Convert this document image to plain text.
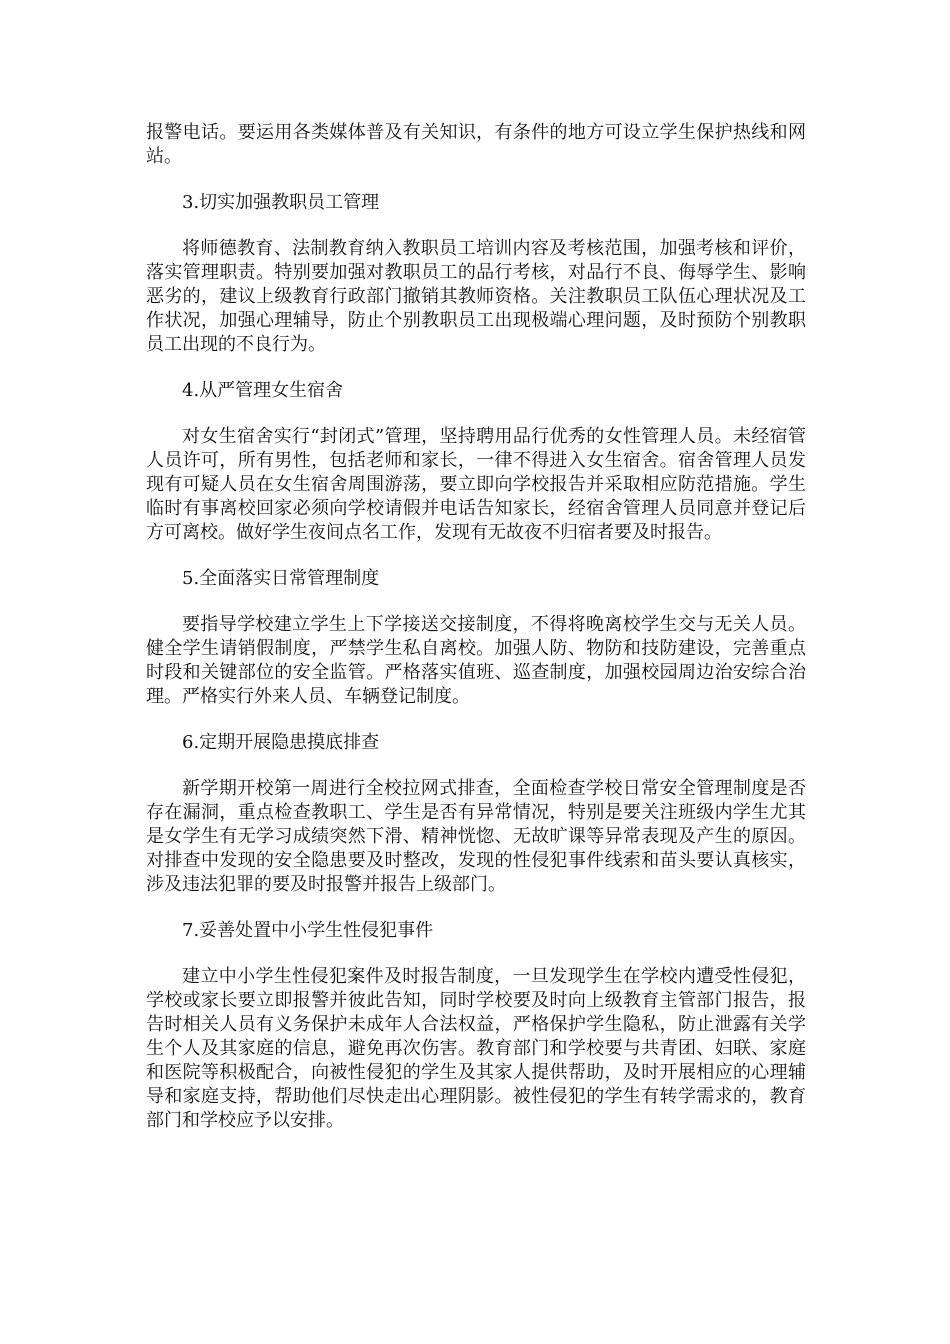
报警电话。要运用各类媒体普及有关知识，有条件的地方可设立学生保护热线和网站。

3.切实加强教职员工管理

将师德教育、法制教育纳入教职员工培训内容及考核范围，加强考核和评价，落实管理职责。特别要加强对教职员工的品行考核，对品行不良、侮辱学生、影响恶劣的，建议上级教育行政部门撤销其教师资格。关注教职员工队伍心理状况及工作状况，加强心理辅导，防止个别教职员工出现极端心理问题，及时预防个别教职员工出现的不良行为。

4.从严管理女生宿舍

对女生宿舍实行“封闭式”管理，坚持聘用品行优秀的女性管理人员。未经宿管人员许可，所有男性，包括老师和家长，一律不得进入女生宿舍。宿舍管理人员发现有可疑人员在女生宿舍周围游荡，要立即向学校报告并采取相应防范措施。学生临时有事离校回家必须向学校请假并电话告知家长，经宿舍管理人员同意并登记后方可离校。做好学生夜间点名工作，发现有无故夜不归宿者要及时报告。

5.全面落实日常管理制度

要指导学校建立学生上下学接送交接制度，不得将晚离校学生交与无关人员。健全学生请销假制度，严禁学生私自离校。加强人防、物防和技防建设，完善重点时段和关键部位的安全监管。严格落实值班、巡查制度，加强校园周边治安综合治理。严格实行外来人员、车辆登记制度。

6.定期开展隐患摸底排查

新学期开校第一周进行全校拉网式排查，全面检查学校日常安全管理制度是否存在漏洞，重点检查教职工、学生是否有异常情况，特别是要关注班级内学生尤其是女学生有无学习成绩突然下滑、精神恍惚、无故旷课等异常表现及产生的原因。对排查中发现的安全隐患要及时整改，发现的性侵犯事件线索和苗头要认真核实，涉及违法犯罪的要及时报警并报告上级部门。

7.妥善处置中小学生性侵犯事件

建立中小学生性侵犯案件及时报告制度，一旦发现学生在学校内遭受性侵犯，学校或家长要立即报警并彼此告知，同时学校要及时向上级教育主管部门报告，报告时相关人员有义务保护未成年人合法权益，严格保护学生隐私，防止泄露有关学生个人及其家庭的信息，避免再次伤害。教育部门和学校要与共青团、妇联、家庭和医院等积极配合，向被性侵犯的学生及其家人提供帮助，及时开展相应的心理辅导和家庭支持，帮助他们尽快走出心理阴影。被性侵犯的学生有转学需求的，教育部门和学校应予以安排。
